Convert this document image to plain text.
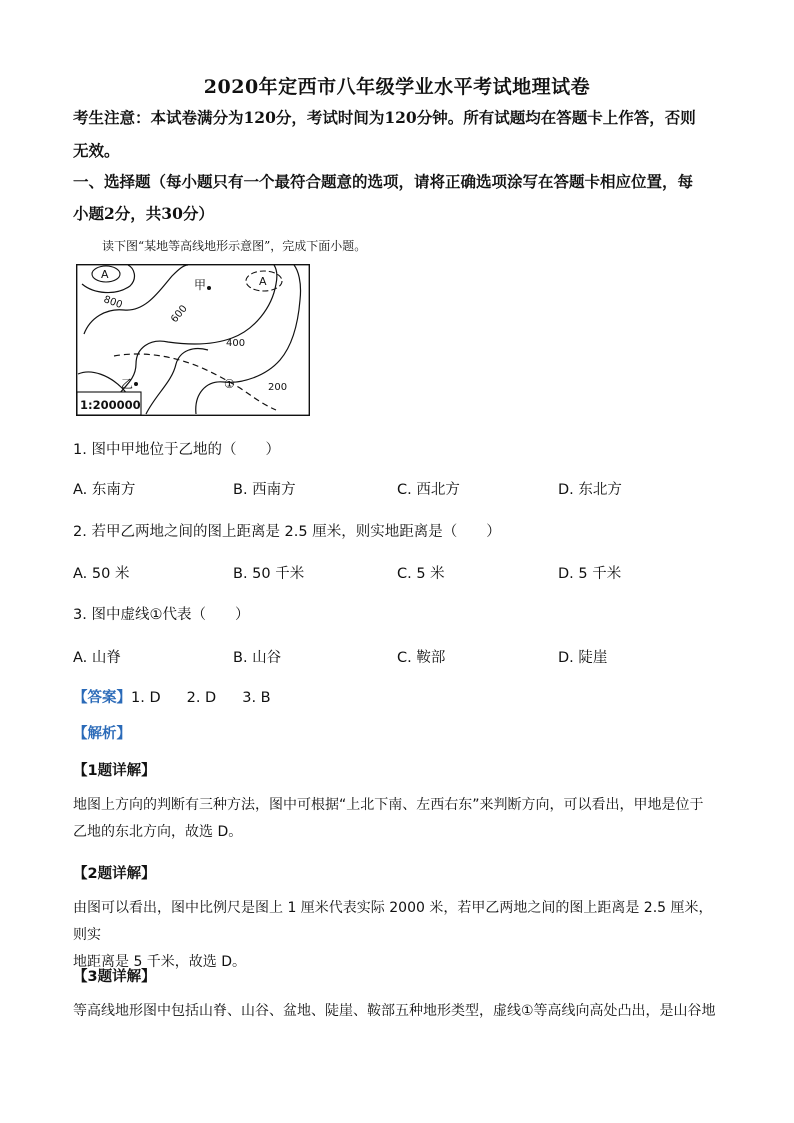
2020年定西市八年级学业水平考试地理试卷
考生注意：本试卷满分为120分，考试时间为120分钟。所有试题均在答题卡上作答，否则
无效。
一、选择题（每小题只有一个最符合题意的选项，请将正确选项涂写在答题卡相应位置，每
小题2分，共30分）
读下图“某地等高线地形示意图”，完成下面小题。
A
A
甲
乙	①
800
600
400
200
1:200000
1. 图中甲地位于乙地的（　　）
A. 东南方	B. 西南方	C. 西北方	D. 东北方
2. 若甲乙两地之间的图上距离是 2.5 厘米，则实地距离是（　　）
A. 50 米	B. 50 千米	C. 5 米	D. 5 千米
3. 图中虚线①代表（　　）
A. 山脊	B. 山谷	C. 鞍部	D. 陡崖
【答案】1. D 2. D 3. B
【解析】
【1题详解】
地图上方向的判断有三种方法，图中可根据“上北下南、左西右东”来判断方向，可以看出，甲地是位于
乙地的东北方向，故选 D。
【2题详解】
由图可以看出，图中比例尺是图上 1 厘米代表实际 2000 米，若甲乙两地之间的图上距离是 2.5 厘米，则实
地距离是 5 千米，故选 D。
【3题详解】
等高线地形图中包括山脊、山谷、盆地、陡崖、鞍部五种地形类型，虚线①等高线向高处凸出，是山谷地
